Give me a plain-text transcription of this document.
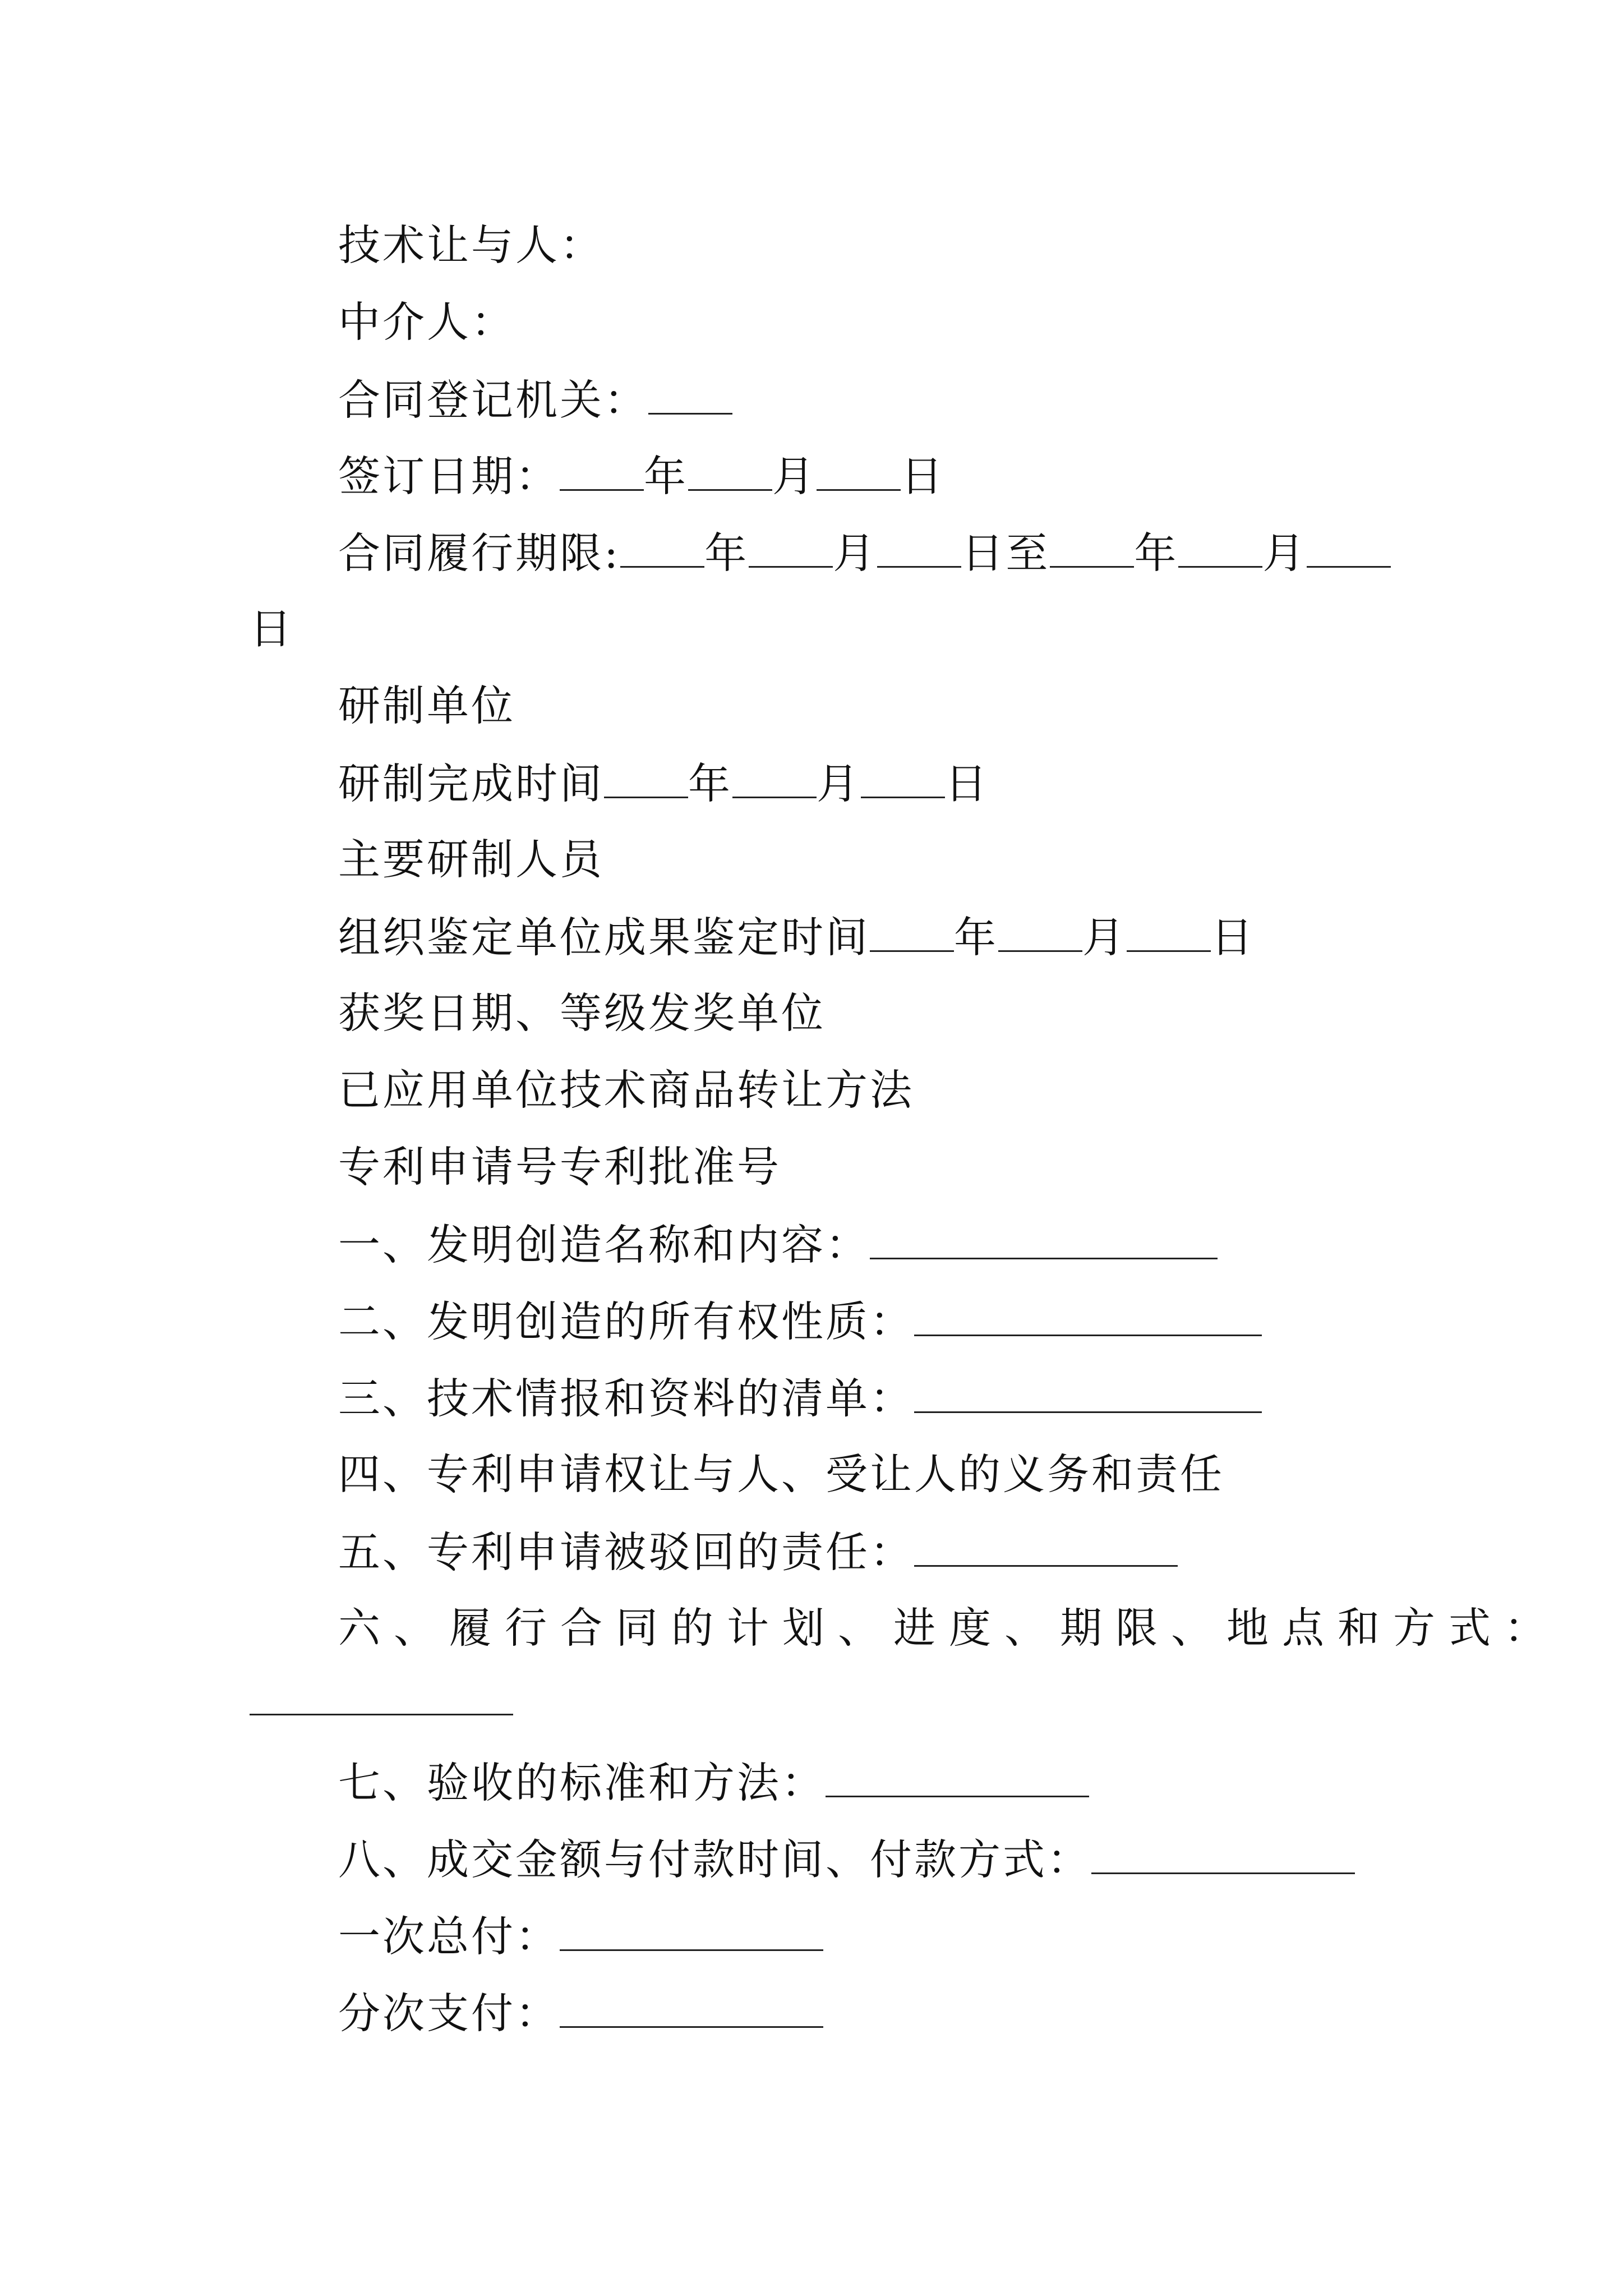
技术让与人：
中介人：
合同登记机关：
签订日期： 年 月 日
合同履行期限: 年 月 日至 年 月
日
研制单位
研制完成时间 年 月 日
主要研制人员
组织鉴定单位成果鉴定时间 年 月 日
获奖日期、等级发奖单位
已应用单位技术商品转让方法
专利申请号专利批准号
一、发明创造名称和内容：
二、发明创造的所有权性质：
三、技术情报和资料的清单：
四、专利申请权让与人、受让人的义务和责任
五、专利申请被驳回的责任：
六、履行合同的计划、进度、期限、地点和方式：
七、验收的标准和方法：
八、成交金额与付款时间、付款方式：
一次总付：
分次支付：
